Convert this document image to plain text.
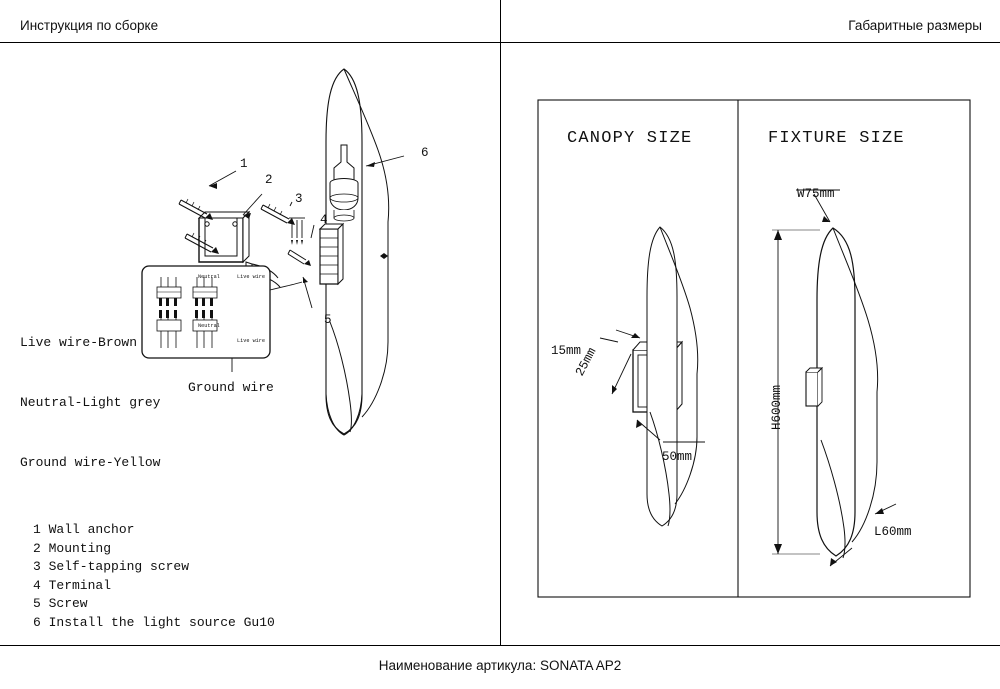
Инструкция по сборке	Габаритные размеры
Наименование артикула: SONATA AP2
1
2
3
4
5
6
Neutral	Live wire
Neutral
Live wire

Live wire-Brown

Neutral-Light grey

Ground wire-Yellow

Ground wire
1 Wall anchor
2 Mounting
3 Self-tapping screw
4 Terminal
5 Screw
6 Install the light source Gu10
CANOPY SIZE	FIXTURE SIZE
15mm
25mm
50mm
W75mm
H600mm
L60mm
